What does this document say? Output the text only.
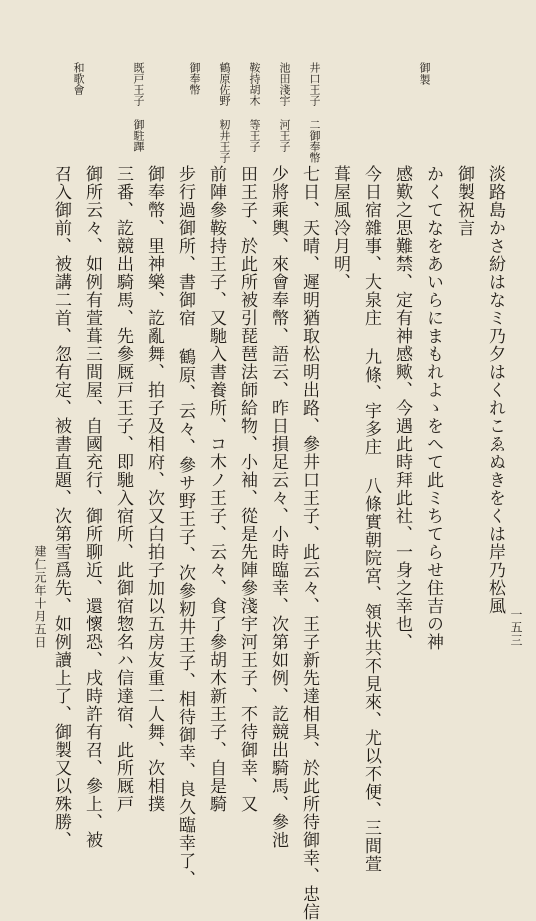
御製
井口王子 二御奉幣
池田淺宇 河王子
鞍持胡木 等王子
鶴原佐野 籾井王子
御奉幣
既戸王子 御駐蹕
和歌會
淡路島かさ紛はなミ乃夕はくれこゑぬきをくは岸乃松風
御製祝言
かくてなをあいらにまもれよゝをへて此ミちてらせ住吉の神
感歎之思難禁、定有神感歟、今遇此時拜此社、一身之幸也、
今日宿雜事、大泉庄 九條、宇多庄 八條實朝院宮、領状共不見來、尤以不便、三間萱
葺屋風冷月明、
七日、天晴、遲明猶取松明出路、參井口王子、此云々、王子新先達相具、於此所待御幸、忠信
少將乘輿、來會奉幣、語云、昨日損足云々、小時臨幸、次第如例、訖競出騎馬、參池
田王子、於此所被引琵琶法師給物、小袖、從是先陣參淺宇河王子、不待御幸、又
前陣參鞍持王子、又馳入書養所、コ木ノ王子、云々、食了參胡木新王子、自是騎
步行過御所、書御宿 鶴原、云々、參サ野王子、次參籾井王子、相待御幸、良久臨幸了、
御奉幣、里神樂、訖亂舞、拍子及相府、次又白拍子加以五房友重二人舞、次相撲
三番、訖競出騎馬、先參厩戸王子、即馳入宿所、此御宿惣名ハ信達宿、此所厩戸
御所云々、如例有萱葺三間屋、自國充行、御所聊近、還懷恐、戌時許有召、參上、被
召入御前、被講二首、忽有定、被書直題、次第雪爲先、如例讀上了、御製又以殊勝、
建仁元年十月五日	一五三
